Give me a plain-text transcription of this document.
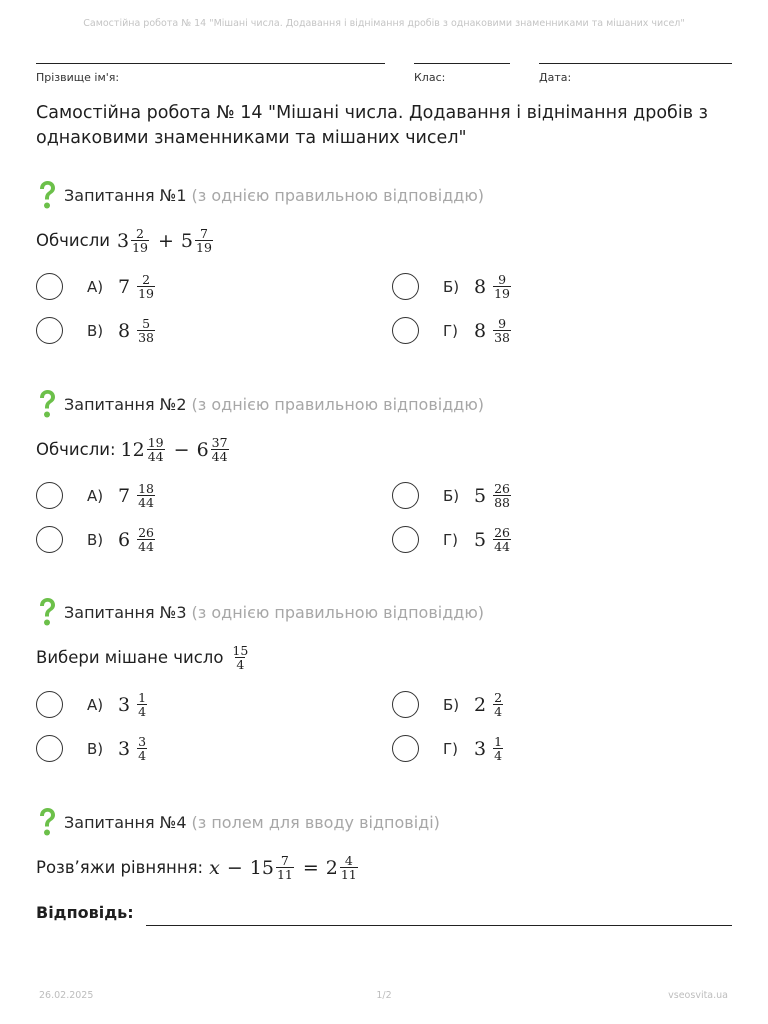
Самостійна робота № 14 "Мішані числа. Додавання і віднімання дробів з однаковими знаменниками та мішаних чисел"
Прізвище ім'я:	Клас:	Дата:
Самостійна робота № 14 "Мішані числа. Додавання і віднімання дробів з однаковими знаменниками та мішаних чисел"
Запитання №1 (з однією правильною відповіддю)
Обчисли $3 \frac{2}{19} + 5 \frac{7}{19}$
А) $7 \frac{2}{19}$	Б) $8 \frac{9}{19}$
В) $8 \frac{5}{38}$	Г) $8 \frac{9}{38}$
Запитання №2 (з однією правильною відповіддю)
Обчисли: $12 \frac{19}{44} - 6 \frac{37}{44}$
А) $7 \frac{18}{44}$	Б) $5 \frac{26}{88}$
В) $6 \frac{26}{44}$	Г) $5 \frac{26}{44}$
Запитання №3 (з однією правильною відповіддю)
Вибери мішане число $\frac{15}{4}$
А) $3 \frac{1}{4}$	Б) $2 \frac{2}{4}$
В) $3 \frac{3}{4}$	Г) $3 \frac{1}{4}$
Запитання №4 (з полем для вводу відповіді)
Розв’яжи рівняння: $x - 15 \frac{7}{11} = 2 \frac{4}{11}$
Відповідь:
26.02.2025	1/2	vseosvita.ua
